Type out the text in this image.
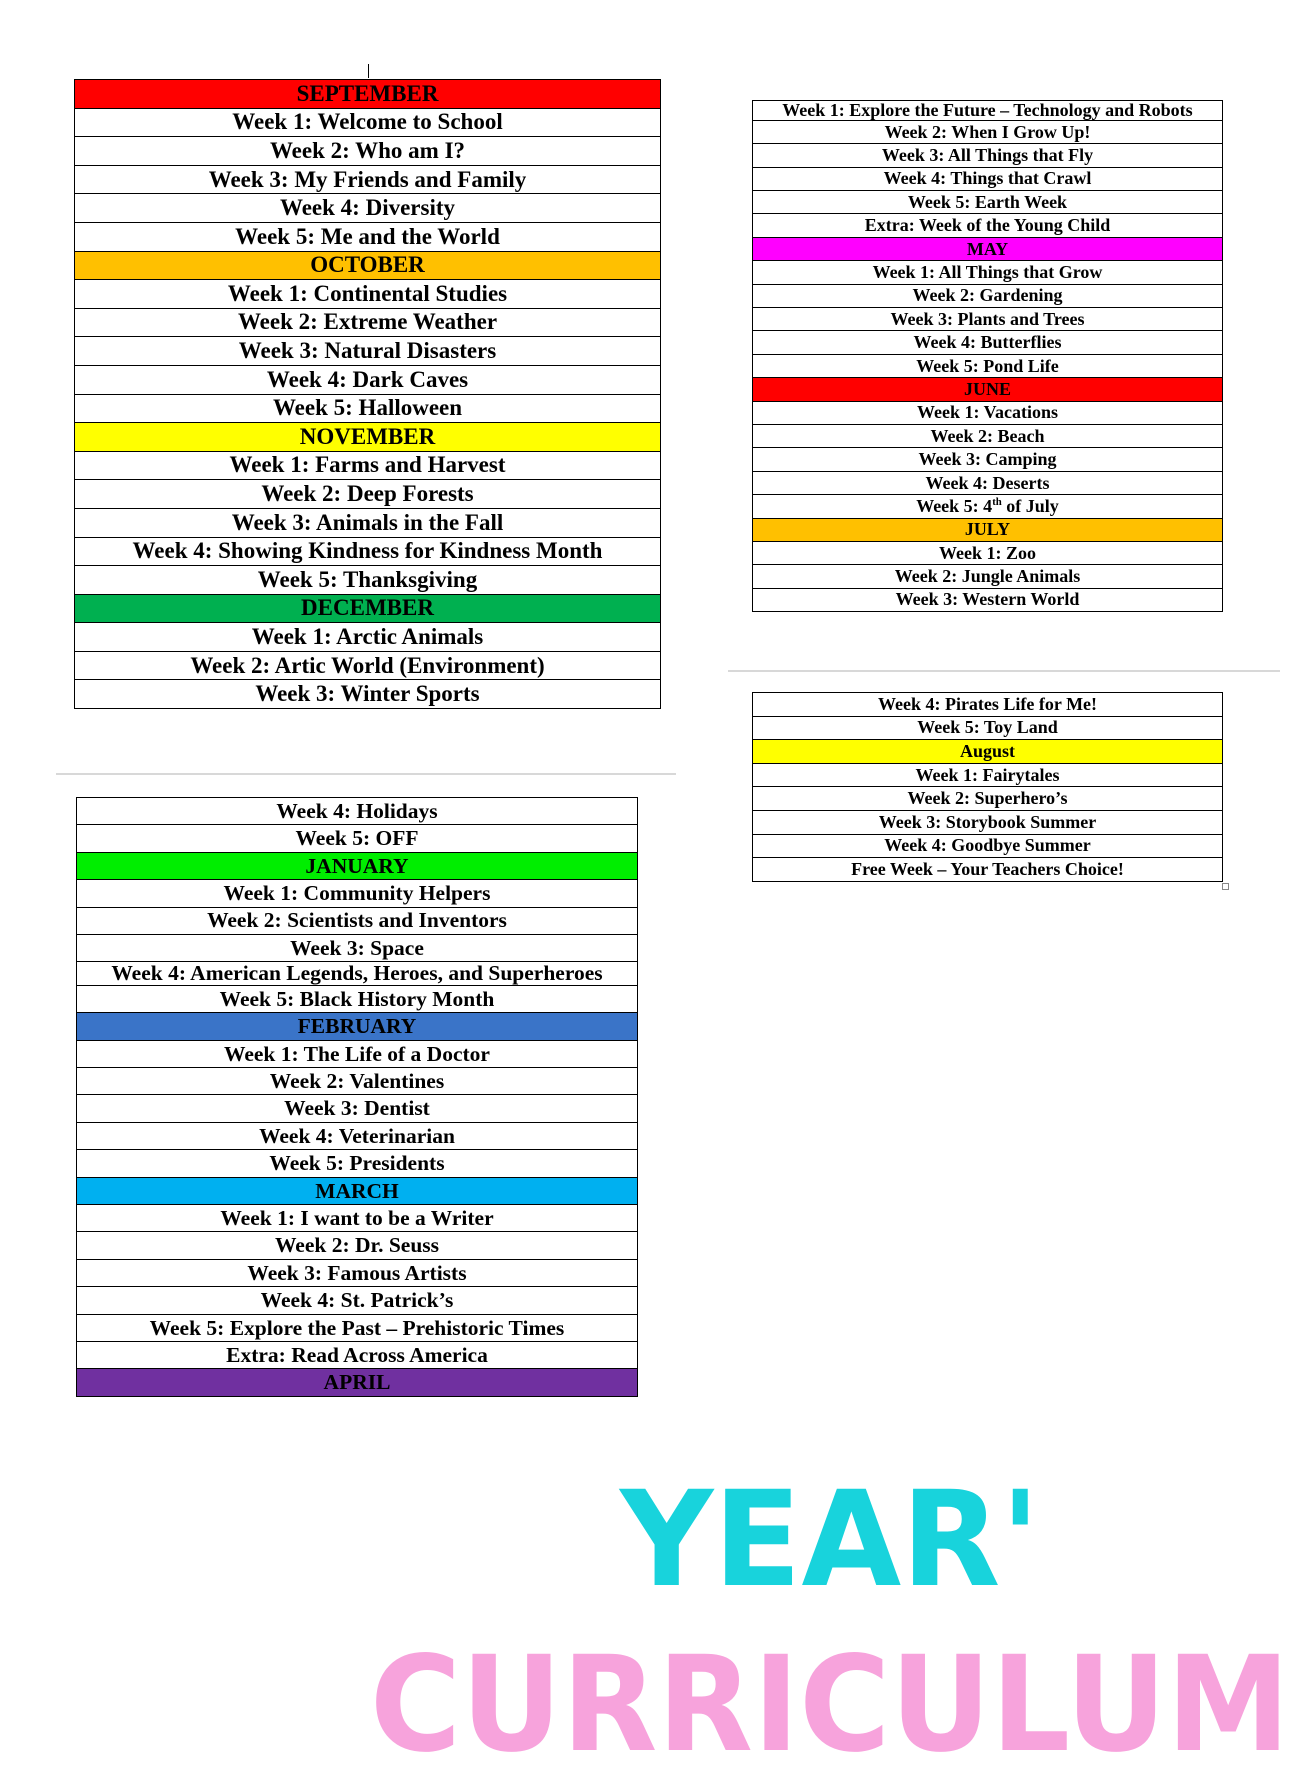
SEPTEMBER
Week 1: Welcome to School
Week 2: Who am I?
Week 3: My Friends and Family
Week 4: Diversity
Week 5: Me and the World
OCTOBER
Week 1: Continental Studies
Week 2: Extreme Weather
Week 3: Natural Disasters
Week 4: Dark Caves
Week 5: Halloween
NOVEMBER
Week 1: Farms and Harvest
Week 2: Deep Forests
Week 3: Animals in the Fall
Week 4: Showing Kindness for Kindness Month
Week 5: Thanksgiving
DECEMBER
Week 1: Arctic Animals
Week 2: Artic World (Environment)
Week 3: Winter Sports
Week 4: Holidays
Week 5: OFF
JANUARY
Week 1: Community Helpers
Week 2: Scientists and Inventors
Week 3: Space
Week 4: American Legends, Heroes, and Superheroes
Week 5: Black History Month
FEBRUARY
Week 1: The Life of a Doctor
Week 2: Valentines
Week 3: Dentist
Week 4: Veterinarian
Week 5: Presidents
MARCH
Week 1: I want to be a Writer
Week 2: Dr. Seuss
Week 3: Famous Artists
Week 4: St. Patrick’s
Week 5: Explore the Past – Prehistoric Times
Extra: Read Across America
APRIL
Week 1: Explore the Future – Technology and Robots
Week 2: When I Grow Up!
Week 3: All Things that Fly
Week 4: Things that Crawl
Week 5: Earth Week
Extra: Week of the Young Child
MAY
Week 1: All Things that Grow
Week 2: Gardening
Week 3: Plants and Trees
Week 4: Butterflies
Week 5: Pond Life
JUNE
Week 1: Vacations
Week 2: Beach
Week 3: Camping
Week 4: Deserts
Week 5: 4th of July
JULY
Week 1: Zoo
Week 2: Jungle Animals
Week 3: Western World
Week 4: Pirates Life for Me!
Week 5: Toy Land
August
Week 1: Fairytales
Week 2: Superhero’s
Week 3: Storybook Summer
Week 4: Goodbye Summer
Free Week – Your Teachers Choice!
YEAR'
CURRICULUM
